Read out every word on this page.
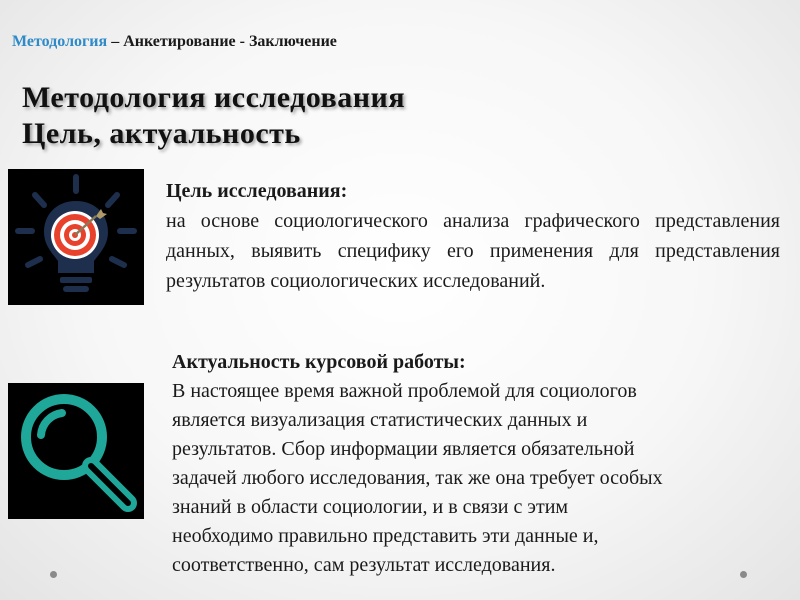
Методология – Анкетирование - Заключение
Методология исследования
Цель, актуальность
Цель исследования:
на основе социологического анализа графического представления данных, выявить специфику его применения для представления результатов социологических исследований.
Актуальность курсовой работы:
В настоящее время важной проблемой для социологов
является визуализация статистических данных и
результатов. Сбор информации является обязательной
задачей любого исследования, так же она требует особых
знаний в области социологии, и в связи с этим
необходимо правильно представить эти данные и,
соответственно, сам результат исследования.
